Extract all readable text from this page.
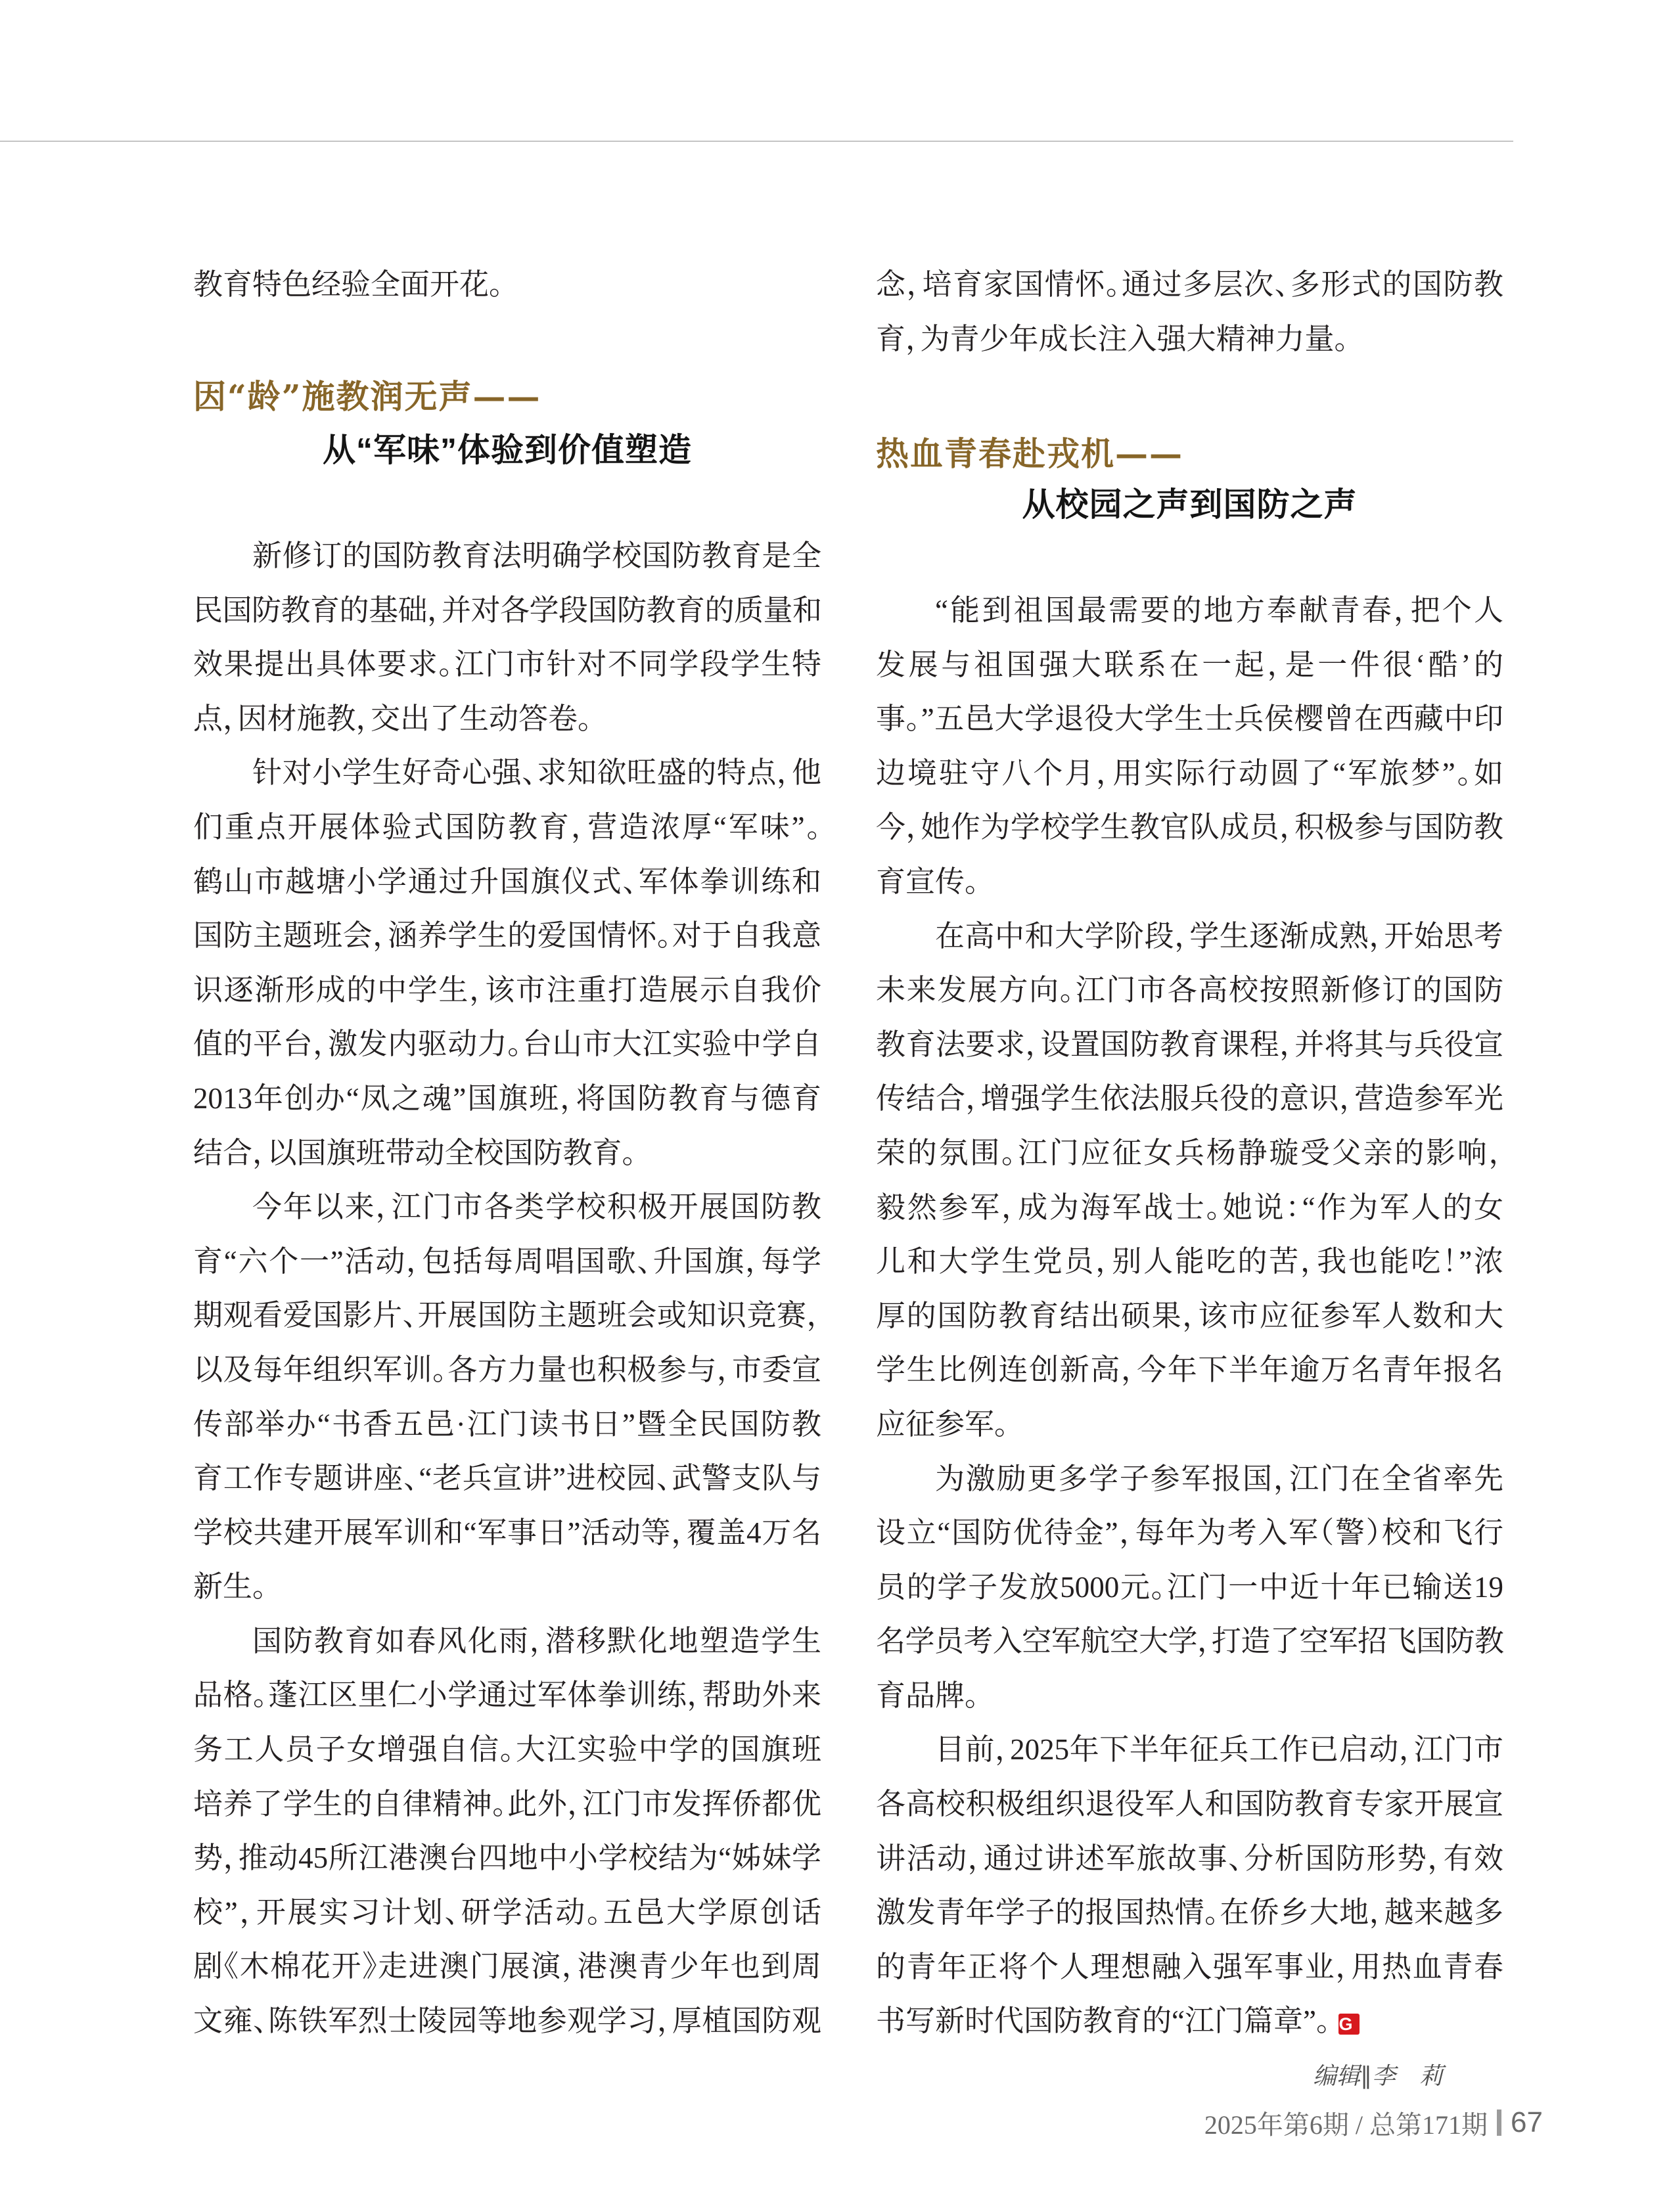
教育特色经验全面开花。
因“龄”施教润无声——
从“军味”体验到价值塑造
新修订的国防教育法明确学校国防教育是全
民国防教育的基础，并对各学段国防教育的质量和
效果提出具体要求。江门市针对不同学段学生特
点，因材施教，交出了生动答卷。
针对小学生好奇心强、求知欲旺盛的特点，他
们重点开展体验式国防教育，营造浓厚“军味”。
鹤山市越塘小学通过升国旗仪式、军体拳训练和
国防主题班会，涵养学生的爱国情怀。对于自我意
识逐渐形成的中学生，该市注重打造展示自我价
值的平台，激发内驱动力。台山市大江实验中学自
2013年创办“凤之魂”国旗班，将国防教育与德育
结合，以国旗班带动全校国防教育。
今年以来，江门市各类学校积极开展国防教
育“六个一”活动，包括每周唱国歌、升国旗，每学
期观看爱国影片、开展国防主题班会或知识竞赛，
以及每年组织军训。各方力量也积极参与，市委宣
传部举办“书香五邑·江门读书日”暨全民国防教
育工作专题讲座、“老兵宣讲”进校园、武警支队与
学校共建开展军训和“军事日”活动等，覆盖4万名
新生。
国防教育如春风化雨，潜移默化地塑造学生
品格。蓬江区里仁小学通过军体拳训练，帮助外来
务工人员子女增强自信。大江实验中学的国旗班
培养了学生的自律精神。此外，江门市发挥侨都优
势，推动45所江港澳台四地中小学校结为“姊妹学
校”，开展实习计划、研学活动。五邑大学原创话
剧《木棉花开》走进澳门展演，港澳青少年也到周
文雍、陈铁军烈士陵园等地参观学习，厚植国防观
念，培育家国情怀。通过多层次、多形式的国防教
育，为青少年成长注入强大精神力量。
热血青春赴戎机——
从校园之声到国防之声
“能到祖国最需要的地方奉献青春，把个人
发展与祖国强大联系在一起，是一件很‘酷’的
事。”五邑大学退役大学生士兵侯樱曾在西藏中印
边境驻守八个月，用实际行动圆了“军旅梦”。如
今，她作为学校学生教官队成员，积极参与国防教
育宣传。
在高中和大学阶段，学生逐渐成熟，开始思考
未来发展方向。江门市各高校按照新修订的国防
教育法要求，设置国防教育课程，并将其与兵役宣
传结合，增强学生依法服兵役的意识，营造参军光
荣的氛围。江门应征女兵杨静璇受父亲的影响，
毅然参军，成为海军战士。她说：“作为军人的女
儿和大学生党员，别人能吃的苦，我也能吃！”浓
厚的国防教育结出硕果，该市应征参军人数和大
学生比例连创新高，今年下半年逾万名青年报名
应征参军。
为激励更多学子参军报国，江门在全省率先
设立“国防优待金”，每年为考入军（警）校和飞行
员的学子发放5000元。江门一中近十年已输送19
名学员考入空军航空大学，打造了空军招飞国防教
育品牌。
目前，2025年下半年征兵工作已启动，江门市
各高校积极组织退役军人和国防教育专家开展宣
讲活动，通过讲述军旅故事、分析国防形势，有效
激发青年学子的报国热情。在侨乡大地，越来越多
的青年正将个人理想融入强军事业，用热血青春
书写新时代国防教育的“江门篇章”。 G
编辑∥李　莉
2025年第6期 / 总第171期 67
